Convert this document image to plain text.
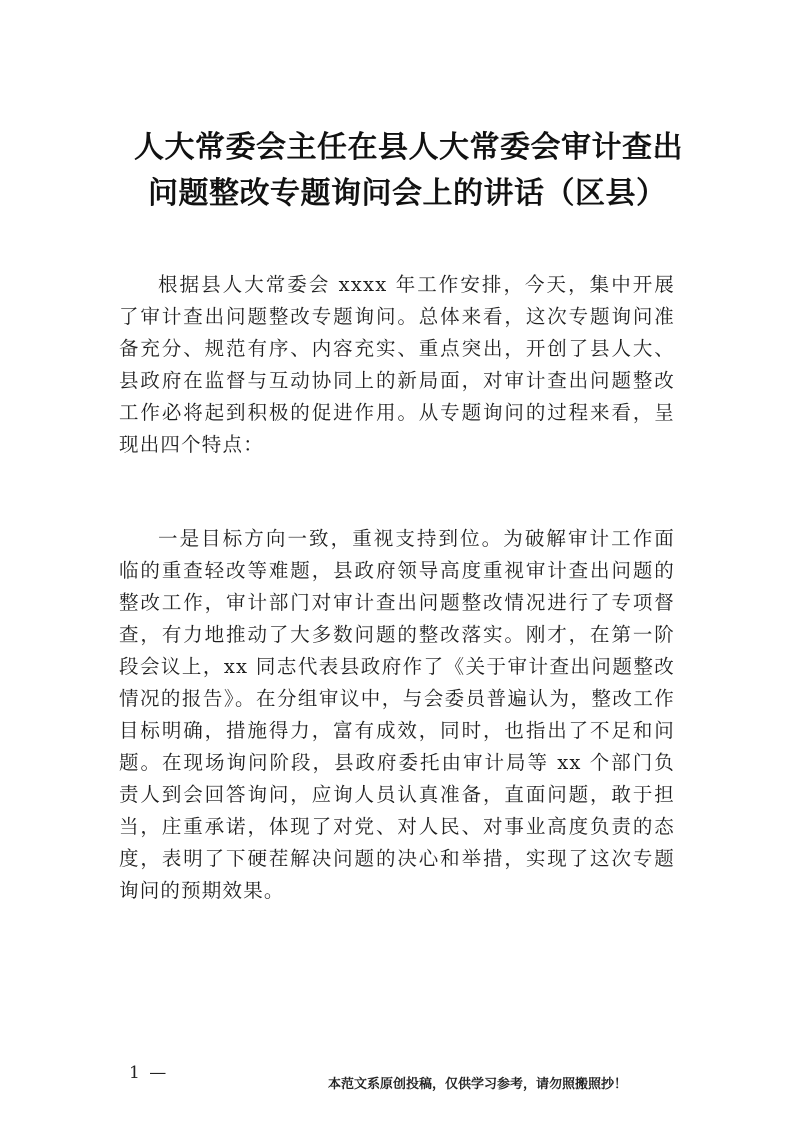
人大常委会主任在县人大常委会审计查出
问题整改专题询问会上的讲话（区县）

根据县人大常委会 xxxx 年工作安排，今天，集中开展了审计查出问题整改专题询问。总体来看，这次专题询问准备充分、规范有序、内容充实、重点突出，开创了县人大、县政府在监督与互动协同上的新局面，对审计查出问题整改工作必将起到积极的促进作用。从专题询问的过程来看，呈现出四个特点：

一是目标方向一致，重视支持到位。为破解审计工作面临的重查轻改等难题，县政府领导高度重视审计查出问题的整改工作，审计部门对审计查出问题整改情况进行了专项督查，有力地推动了大多数问题的整改落实。刚才，在第一阶段会议上，xx 同志代表县政府作了《关于审计查出问题整改情况的报告》。在分组审议中，与会委员普遍认为，整改工作目标明确，措施得力，富有成效，同时，也指出了不足和问题。在现场询问阶段，县政府委托由审计局等 xx 个部门负责人到会回答询问，应询人员认真准备，直面问题，敢于担当，庄重承诺，体现了对党、对人民、对事业高度负责的态度，表明了下硬茬解决问题的决心和举措，实现了这次专题询问的预期效果。

1 —
本范文系原创投稿，仅供学习参考，请勿照搬照抄！
